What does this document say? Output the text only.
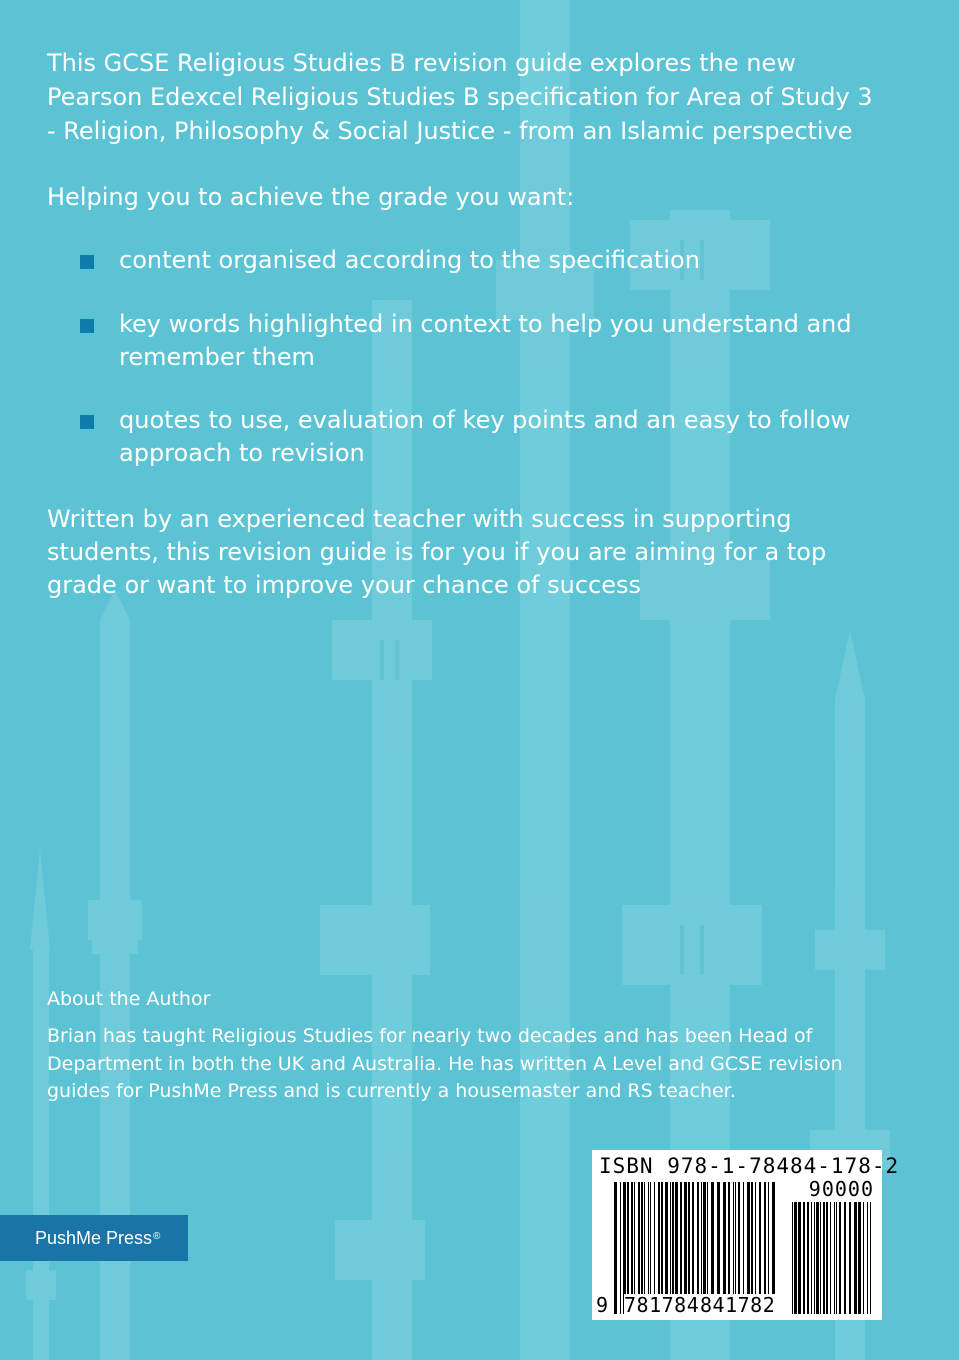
This GCSE Religious Studies B revision guide explores the new
Pearson Edexcel Religious Studies B specification for Area of Study 3
- Religion, Philosophy & Social Justice - from an Islamic perspective

Helping you to achieve the grade you want:

content organised according to the specification
key words highlighted in context to help you understand and
remember them
quotes to use, evaluation of key points and an easy to follow
approach to revision

Written by an experienced teacher with success in supporting
students, this revision guide is for you if you are aiming for a top
grade or want to improve your chance of success

About the Author

Brian has taught Religious Studies for nearly two decades and has been Head of
Department in both the UK and Australia. He has written A Level and GCSE revision
guides for PushMe Press and is currently a housemaster and RS teacher.

PushMe Press®

ISBN 978-1-78484-178-2

90000

9 781784 841782
